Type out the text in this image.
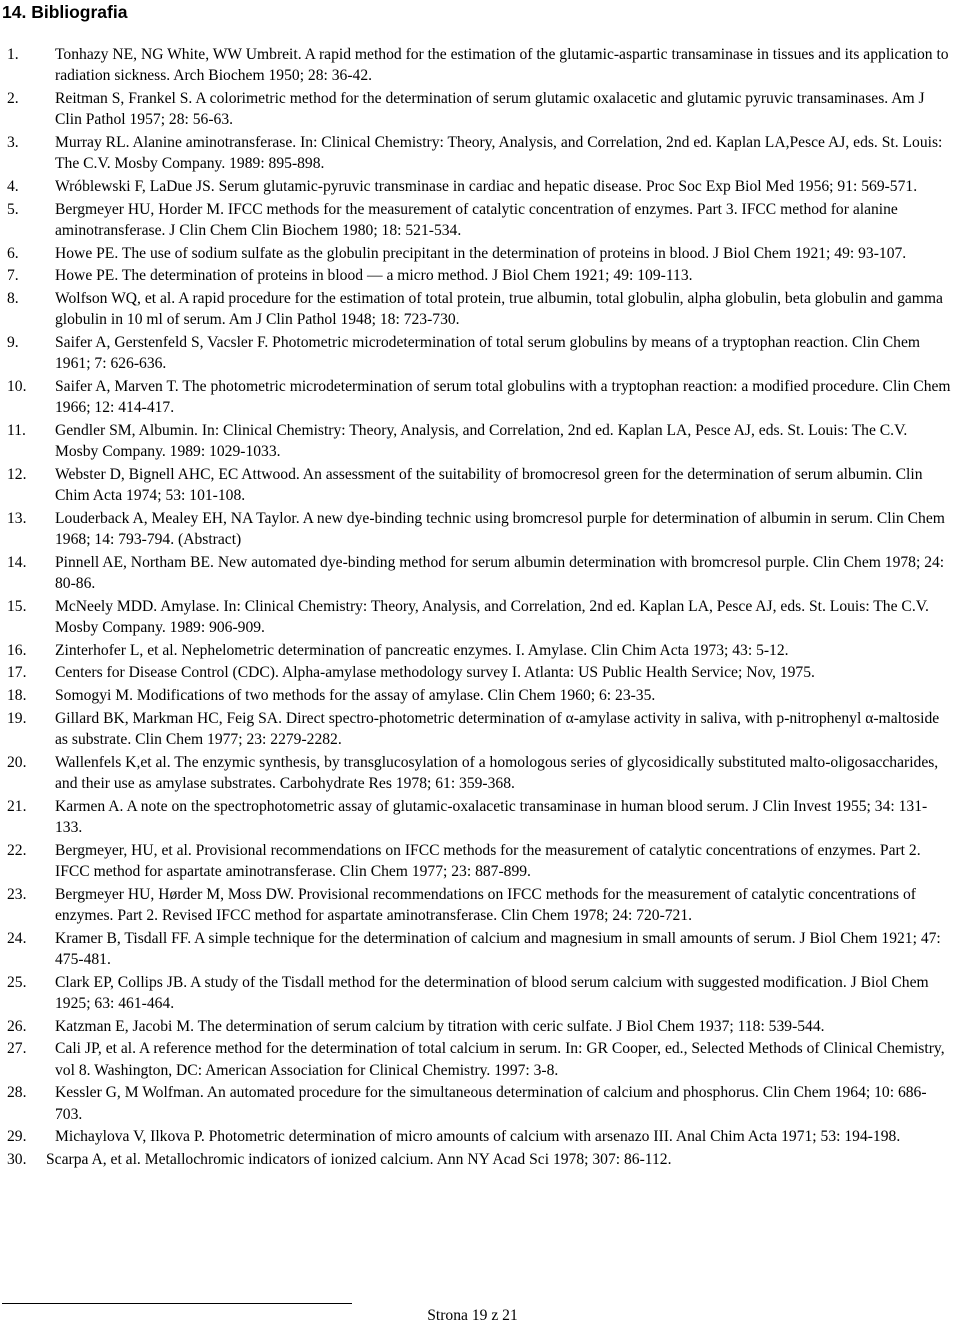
14. Bibliografia
1. Tonhazy NE, NG White, WW Umbreit. A rapid method for the estimation of the glutamic-aspartic transaminase in tissues and its application to radiation sickness. Arch Biochem 1950; 28: 36-42.
2. Reitman S, Frankel S. A colorimetric method for the determination of serum glutamic oxalacetic and glutamic pyruvic transaminases. Am J Clin Pathol 1957; 28: 56-63.
3. Murray RL. Alanine aminotransferase. In: Clinical Chemistry: Theory, Analysis, and Correlation, 2nd ed. Kaplan LA,Pesce AJ, eds. St. Louis: The C.V. Mosby Company. 1989: 895-898.
4. Wróblewski F, LaDue JS. Serum glutamic-pyruvic transminase in cardiac and hepatic disease. Proc Soc Exp Biol Med 1956; 91: 569-571.
5. Bergmeyer HU, Horder M. IFCC methods for the measurement of catalytic concentration of enzymes. Part 3. IFCC method for alanine aminotransferase. J Clin Chem Clin Biochem 1980; 18: 521-534.
6. Howe PE. The use of sodium sulfate as the globulin precipitant in the determination of proteins in blood. J Biol Chem 1921; 49: 93-107.
7. Howe PE. The determination of proteins in blood — a micro method. J Biol Chem 1921; 49: 109-113.
8. Wolfson WQ, et al. A rapid procedure for the estimation of total protein, true albumin, total globulin, alpha globulin, beta globulin and gamma globulin in 10 ml of serum. Am J Clin Pathol 1948; 18: 723-730.
9. Saifer A, Gerstenfeld S, Vacsler F. Photometric microdetermination of total serum globulins by means of a tryptophan reaction. Clin Chem 1961; 7: 626-636.
10. Saifer A, Marven T. The photometric microdetermination of serum total globulins with a tryptophan reaction: a modified procedure. Clin Chem 1966; 12: 414-417.
11. Gendler SM, Albumin. In: Clinical Chemistry: Theory, Analysis, and Correlation, 2nd ed. Kaplan LA, Pesce AJ, eds. St. Louis: The C.V. Mosby Company. 1989: 1029-1033.
12. Webster D, Bignell AHC, EC Attwood. An assessment of the suitability of bromocresol green for the determination of serum albumin. Clin Chim Acta 1974; 53: 101-108.
13. Louderback A, Mealey EH, NA Taylor. A new dye-binding technic using bromcresol purple for determination of albumin in serum. Clin Chem 1968; 14: 793-794. (Abstract)
14. Pinnell AE, Northam BE. New automated dye-binding method for serum albumin determination with bromcresol purple. Clin Chem 1978; 24: 80-86.
15. McNeely MDD. Amylase. In: Clinical Chemistry: Theory, Analysis, and Correlation, 2nd ed. Kaplan LA, Pesce AJ, eds. St. Louis: The C.V. Mosby Company. 1989: 906-909.
16. Zinterhofer L, et al. Nephelometric determination of pancreatic enzymes. I. Amylase. Clin Chim Acta 1973; 43: 5-12.
17. Centers for Disease Control (CDC). Alpha-amylase methodology survey I. Atlanta: US Public Health Service; Nov, 1975.
18. Somogyi M. Modifications of two methods for the assay of amylase. Clin Chem 1960; 6: 23-35.
19. Gillard BK, Markman HC, Feig SA. Direct spectro-photometric determination of α-amylase activity in saliva, with p-nitrophenyl α-maltoside as substrate. Clin Chem 1977; 23: 2279-2282.
20. Wallenfels K,et al. The enzymic synthesis, by transglucosylation of a homologous series of glycosidically substituted malto-oligosaccharides, and their use as amylase substrates. Carbohydrate Res 1978; 61: 359-368.
21. Karmen A. A note on the spectrophotometric assay of glutamic-oxalacetic transaminase in human blood serum. J Clin Invest 1955; 34: 131-133.
22. Bergmeyer, HU, et al. Provisional recommendations on IFCC methods for the measurement of catalytic concentrations of enzymes. Part 2. IFCC method for aspartate aminotransferase. Clin Chem 1977; 23: 887-899.
23. Bergmeyer HU, Hørder M, Moss DW. Provisional recommendations on IFCC methods for the measurement of catalytic concentrations of enzymes. Part 2. Revised IFCC method for aspartate aminotransferase. Clin Chem 1978; 24: 720-721.
24. Kramer B, Tisdall FF. A simple technique for the determination of calcium and magnesium in small amounts of serum. J Biol Chem 1921; 47: 475-481.
25. Clark EP, Collips JB. A study of the Tisdall method for the determination of blood serum calcium with suggested modification. J Biol Chem 1925; 63: 461-464.
26. Katzman E, Jacobi M. The determination of serum calcium by titration with ceric sulfate. J Biol Chem 1937; 118: 539-544.
27. Cali JP, et al. A reference method for the determination of total calcium in serum. In: GR Cooper, ed., Selected Methods of Clinical Chemistry, vol 8. Washington, DC: American Association for Clinical Chemistry. 1997: 3-8.
28. Kessler G, M Wolfman. An automated procedure for the simultaneous determination of calcium and phosphorus. Clin Chem 1964; 10: 686-703.
29. Michaylova V, Ilkova P. Photometric determination of micro amounts of calcium with arsenazo III. Anal Chim Acta 1971; 53: 194-198.
30. Scarpa A, et al. Metallochromic indicators of ionized calcium. Ann NY Acad Sci 1978; 307: 86-112.
Strona 19 z 21
